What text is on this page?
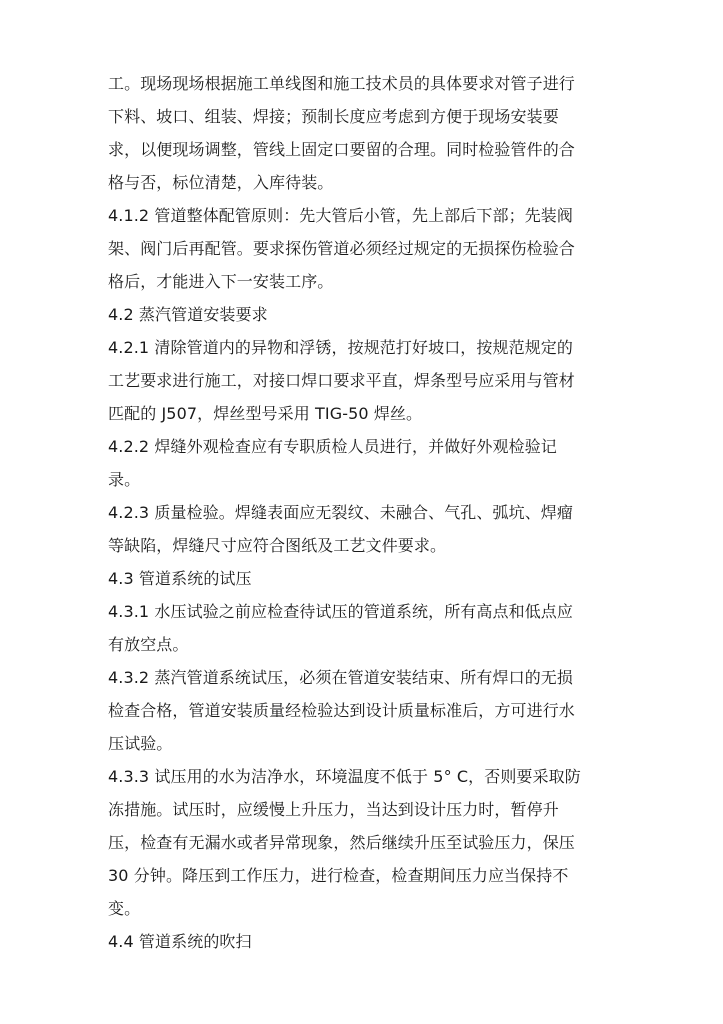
工。现场现场根据施工单线图和施工技术员的具体要求对管子进行
下料、坡口、组装、焊接；预制长度应考虑到方便于现场安装要
求，以便现场调整，管线上固定口要留的合理。同时检验管件的合
格与否，标位清楚，入库待装。
4.1.2 管道整体配管原则：先大管后小管，先上部后下部；先装阀
架、阀门后再配管。要求探伤管道必须经过规定的无损探伤检验合
格后，才能进入下一安装工序。
4.2 蒸汽管道安装要求
4.2.1 清除管道内的异物和浮锈，按规范打好坡口，按规范规定的
工艺要求进行施工，对接口焊口要求平直，焊条型号应采用与管材
匹配的 J507，焊丝型号采用 TIG-50 焊丝。
4.2.2 焊缝外观检查应有专职质检人员进行，并做好外观检验记
录。
4.2.3 质量检验。焊缝表面应无裂纹、未融合、气孔、弧坑、焊瘤
等缺陷，焊缝尺寸应符合图纸及工艺文件要求。
4.3 管道系统的试压
4.3.1 水压试验之前应检查待试压的管道系统，所有高点和低点应
有放空点。
4.3.2 蒸汽管道系统试压，必须在管道安装结束、所有焊口的无损
检查合格，管道安装质量经检验达到设计质量标准后，方可进行水
压试验。
4.3.3 试压用的水为洁净水，环境温度不低于 5° C，否则要采取防
冻措施。试压时，应缓慢上升压力，当达到设计压力时，暂停升
压，检查有无漏水或者异常现象，然后继续升压至试验压力，保压
30 分钟。降压到工作压力，进行检查，检查期间压力应当保持不
变。
4.4 管道系统的吹扫
